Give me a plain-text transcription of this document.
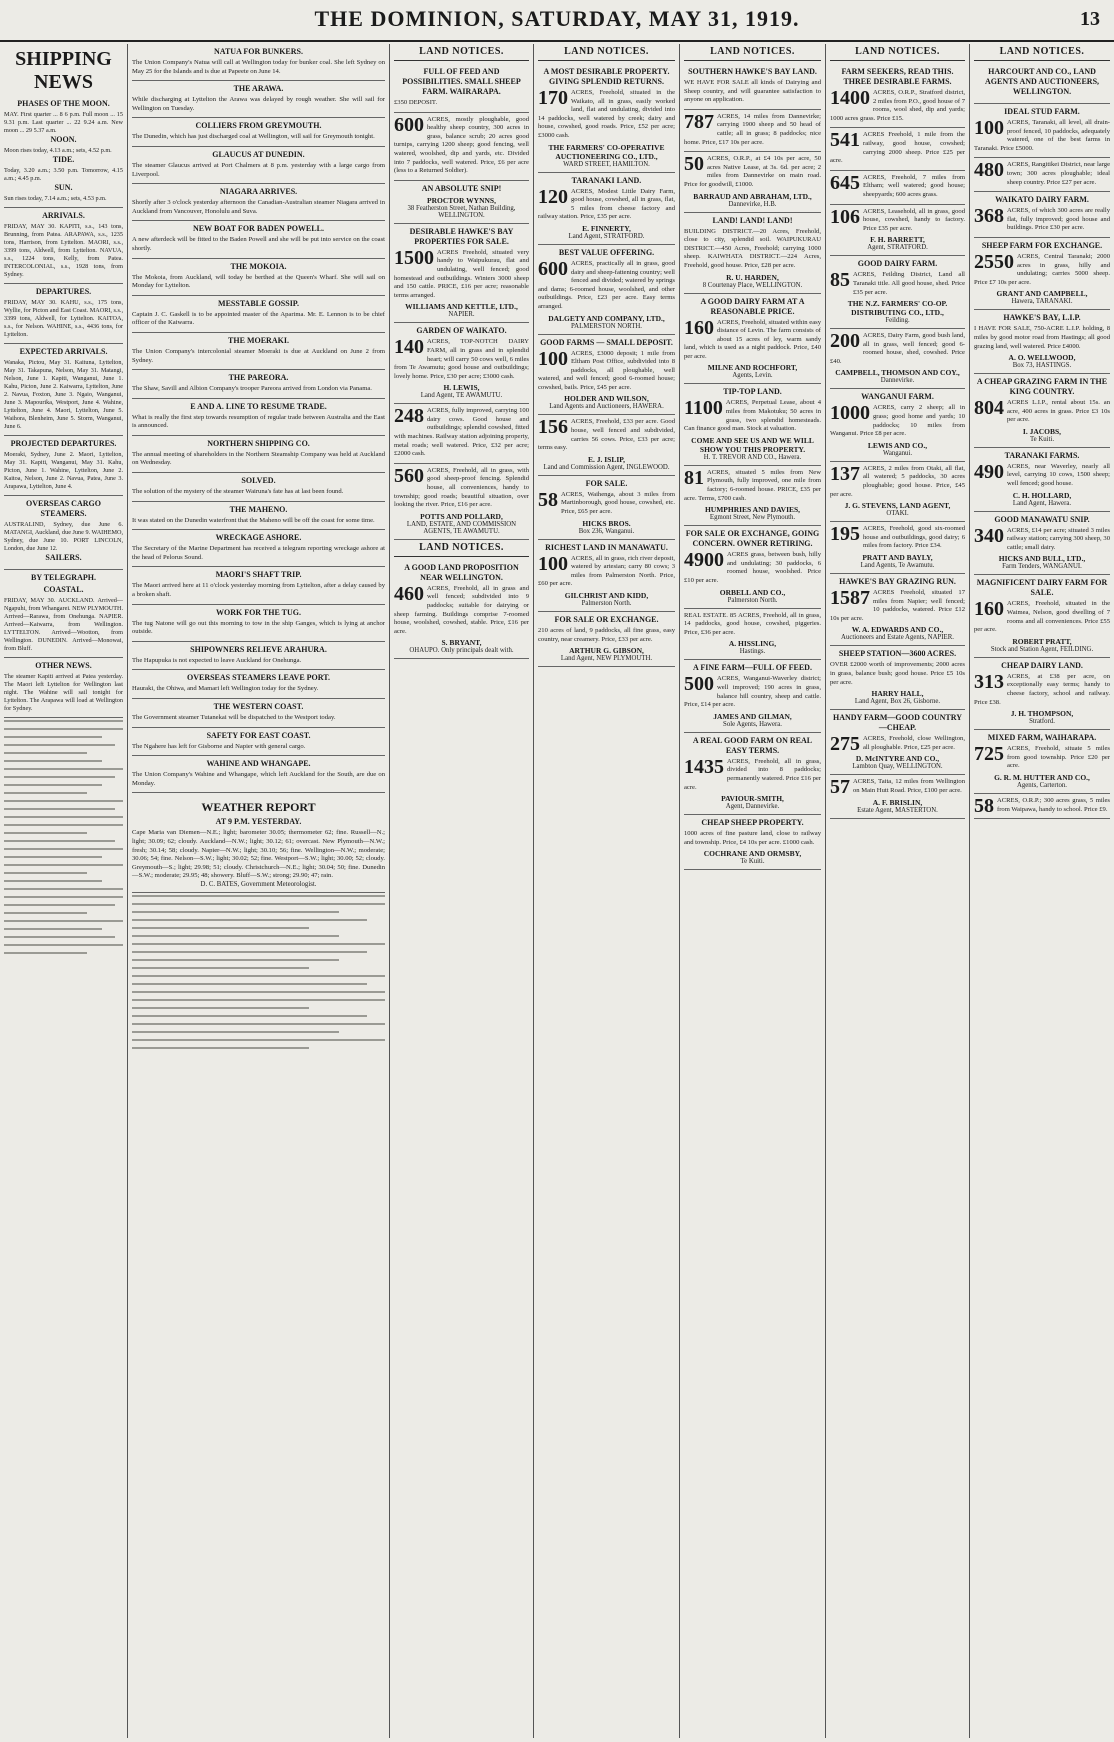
THE DOMINION, SATURDAY, MAY 31, 1919.	13
SHIPPING NEWS
PHASES OF THE MOON.

MAY. First quarter ... 8 6 p.m. Full moon ... 15 9.31 p.m. Last quarter ... 22 9.24 a.m. New moon ... 29 5.37 a.m.

NOON.

Moon rises today, 4.13 a.m.; sets, 4.52 p.m.

TIDE.

Today, 3.20 a.m.; 3.50 p.m. Tomorrow, 4.15 a.m.; 4.45 p.m.

SUN.

Sun rises today, 7.14 a.m.; sets, 4.53 p.m.

ARRIVALS.

FRIDAY, MAY 30. KAPITI, s.s., 143 tons, Brunning, from Patea. ARAPAWA, s.s., 1235 tons, Harrison, from Lyttelton. MAORI, s.s., 3399 tons, Aldwell, from Lyttelton. NAVUA, s.s., 1224 tons, Kelly, from Patea. INTERCOLONIAL, s.s., 1928 tons, from Sydney.

DEPARTURES.

FRIDAY, MAY 30. KAHU, s.s., 175 tons, Wyllie, for Picton and East Coast. MAORI, s.s., 3399 tons, Aldwell, for Lyttelton. KAITOA, s.s., for Nelson. WAHINE, s.s., 4436 tons, for Lyttelton.

EXPECTED ARRIVALS.

Wanaka, Pictou, May 31. Kaituna, Lyttelton, May 31. Takapuna, Nelson, May 31. Matangi, Nelson, June 1. Kapiti, Wanganui, June 1. Kahu, Picton, June 2. Kaiwarra, Lyttelton, June 2. Navua, Foxton, June 3. Ngaio, Wanganui, June 3. Mapourika, Westport, June 4. Wahine, Lyttelton, June 4. Maori, Lyttelton, June 5. Waihora, Blenheim, June 5. Storm, Wanganui, June 6.

PROJECTED DEPARTURES.

Moeraki, Sydney, June 2. Maori, Lyttelton, May 31. Kapiti, Wanganui, May 31. Kahu, Picton, June 1. Wahine, Lyttelton, June 2. Kaitoa, Nelson, June 2. Navua, Patea, June 3. Arapawa, Lyttelton, June 4.

OVERSEAS CARGO STEAMERS.

AUSTRALIND, Sydney, due June 6. MATANGI, Auckland, due June 9. WAIHEMO, Sydney, due June 10. PORT LINCOLN, London, due June 12.

SAILERS.
BY TELEGRAPH.
COASTAL.

FRIDAY, MAY 30. AUCKLAND. Arrived—Ngapuhi, from Whangarei. NEW PLYMOUTH. Arrived—Rarawa, from Onehunga. NAPIER. Arrived—Kaiwarra, from Wellington. LYTTELTON. Arrived—Wootton, from Wellington. DUNEDIN. Arrived—Monowai, from Bluff.

OTHER NEWS.

The steamer Kapiti arrived at Patea yesterday. The Maori left Lyttelton for Wellington last night. The Wahine will sail tonight for Lyttelton. The Arapawa will load at Wellington for Sydney.

NATUA FOR BUNKERS.

The Union Company's Natua will call at Wellington today for bunker coal. She left Sydney on May 25 for the Islands and is due at Papeete on June 14.

THE ARAWA.

While discharging at Lyttelton the Arawa was delayed by rough weather. She will sail for Wellington on Tuesday.

COLLIERS FROM GREYMOUTH.

The Dunedin, which has just discharged coal at Wellington, will sail for Greymouth tonight.

GLAUCUS AT DUNEDIN.

The steamer Glaucus arrived at Port Chalmers at 8 p.m. yesterday with a large cargo from Liverpool.

NIAGARA ARRIVES.

Shortly after 3 o'clock yesterday afternoon the Canadian-Australian steamer Niagara arrived in Auckland from Vancouver, Honolulu and Suva.

NEW BOAT FOR BADEN POWELL.

A new afterdeck will be fitted to the Baden Powell and she will be put into service on the coast shortly.

THE MOKOIA.

The Mokoia, from Auckland, will today be berthed at the Queen's Wharf. She will sail on Monday for Lyttelton.

MESSTABLE GOSSIP.

Captain J. C. Gaskell is to be appointed master of the Aparima. Mr. E. Lennon is to be chief officer of the Kaiwarra.

THE MOERAKI.

The Union Company's intercolonial steamer Moeraki is due at Auckland on June 2 from Sydney.

THE PAREORA.

The Shaw, Savill and Albion Company's trooper Pareora arrived from London via Panama.

E AND A. LINE TO RESUME TRADE.

What is really the first step towards resumption of regular trade between Australia and the East is announced.

NORTHERN SHIPPING CO.

The annual meeting of shareholders in the Northern Steamship Company was held at Auckland on Wednesday.

SOLVED.

The solution of the mystery of the steamer Wairuna's fate has at last been found.

THE MAHENO.

It was stated on the Dunedin waterfront that the Maheno will be off the coast for some time.

WRECKAGE ASHORE.

The Secretary of the Marine Department has received a telegram reporting wreckage ashore at the head of Pelorus Sound.

MAORI'S SHAFT TRIP.

The Maori arrived here at 11 o'clock yesterday morning from Lyttelton, after a delay caused by a broken shaft.

WORK FOR THE TUG.

The tug Natone will go out this morning to tow in the ship Ganges, which is lying at anchor outside.

SHIPOWNERS RELIEVE ARAHURA.

The Hapupuka is not expected to leave Auckland for Onehunga.

OVERSEAS STEAMERS LEAVE PORT.

Hauraki, the Ohiwa, and Mamari left Wellington today for the Sydney.

THE WESTERN COAST.

The Government steamer Tutanekai will be dispatched to the Westport today.

SAFETY FOR EAST COAST.

The Ngahere has left for Gisborne and Napier with general cargo.

WAHINE AND WHANGAPE.

The Union Company's Wahine and Whangape, which left Auckland for the South, are due on Monday.

WEATHER REPORT
AT 9 P.M. YESTERDAY.

Cape Maria van Diemen—N.E.; light; barometer 30.05; thermometer 62; fine. Russell—N.; light; 30.09; 62; cloudy. Auckland—N.W.; light; 30.12; 61; overcast. New Plymouth—N.W.; fresh; 30.14; 58; cloudy. Napier—N.W.; light; 30.10; 56; fine. Wellington—N.W.; moderate; 30.06; 54; fine. Nelson—S.W.; light; 30.02; 52; fine. Westport—S.W.; light; 30.00; 52; cloudy. Greymouth—S.; light; 29.98; 51; cloudy. Christchurch—N.E.; light; 30.04; 50; fine. Dunedin—S.W.; moderate; 29.95; 48; showery. Bluff—S.W.; strong; 29.90; 47; rain.

D. C. BATES, Government Meteorologist.
LAND NOTICES.
FULL OF FEED AND POSSIBILITIES. SMALL SHEEP FARM. WAIRARAPA.

£350 DEPOSIT.

600 ACRES, mostly ploughable, good healthy sheep country, 300 acres in grass, balance scrub; 20 acres good turnips, carrying 1200 sheep; good fencing, well watered, woolshed, dip and yards, etc. Divided into 7 paddocks, well watered. Price, £6 per acre (less to a Returned Soldier).

AN ABSOLUTE SNIP!
PROCTOR WYNNS,
38 Featherston Street, Nathan Building, WELLINGTON.
DESIRABLE HAWKE'S BAY PROPERTIES FOR SALE.
1500 ACRES Freehold, situated very handy to Waipukurau, flat and undulating, well fenced; good homestead and outbuildings. Winters 3000 sheep and 150 cattle. PRICE, £16 per acre; reasonable terms arranged.

WILLIAMS AND KETTLE, LTD.,
NAPIER.
GARDEN OF WAIKATO.
140 ACRES, TOP-NOTCH DAIRY FARM, all in grass and in splendid heart; will carry 50 cows well, 6 miles from Te Awamutu; good house and outbuildings; lovely home. Price, £30 per acre; £3000 cash.

H. LEWIS,
Land Agent, TE AWAMUTU.
248 ACRES, fully improved, carrying 100 dairy cows. Good house and outbuildings; splendid cowshed, fitted with machines. Railway station adjoining property, metal roads; well watered. Price, £32 per acre; £2000 cash.

560 ACRES, Freehold, all in grass, with good sheep-proof fencing. Splendid house, all conveniences, handy to township; good roads; beautiful situation, over looking the river. Price, £16 per acre.

POTTS AND POLLARD,
LAND, ESTATE, AND COMMISSION AGENTS, TE AWAMUTU.
LAND NOTICES.
A GOOD LAND PROPOSITION NEAR WELLINGTON.
460 ACRES, Freehold, all in grass and well fenced; subdivided into 9 paddocks; suitable for dairying or sheep farming. Buildings comprise 7-roomed house, woolshed, cowshed, stable. Price, £16 per acre.

S. BRYANT,
OHAUPO. Only principals dealt with.
LAND NOTICES.
A MOST DESIRABLE PROPERTY. GIVING SPLENDID RETURNS.
170 ACRES, Freehold, situated in the Waikato, all in grass, easily worked land, flat and undulating, divided into 14 paddocks, well watered by creek; dairy and house, cowshed, good roads. Price, £52 per acre; £3000 cash.

THE FARMERS' CO-OPERATIVE AUCTIONEERING CO., LTD.,
WARD STREET, HAMILTON.
TARANAKI LAND.
120 ACRES, Modest Little Dairy Farm, good house, cowshed, all in grass, flat, 5 miles from cheese factory and railway station. Price, £35 per acre.

E. FINNERTY,
Land Agent, STRATFORD.
BEST VALUE OFFERING.
600 ACRES, practically all in grass, good dairy and sheep-fattening country; well fenced and divided; watered by springs and dams; 6-roomed house, woolshed, and other outbuildings. Price, £23 per acre. Easy terms arranged.

DALGETY AND COMPANY, LTD.,
PALMERSTON NORTH.
GOOD FARMS — SMALL DEPOSIT.
100 ACRES, £3000 deposit; 1 mile from Eltham Post Office, subdivided into 8 paddocks, all ploughable, well watered, and well fenced; good 6-roomed house; cowshed, bails. Price, £45 per acre.

HOLDER AND WILSON,
Land Agents and Auctioneers, HAWERA.
156 ACRES, Freehold, £33 per acre. Good house, well fenced and subdivided, carries 56 cows. Price, £33 per acre; terms easy.

E. J. ISLIP,
Land and Commission Agent, INGLEWOOD.
FOR SALE.
58 ACRES, Waihenga, about 3 miles from Martinborough, good house, cowshed, etc. Price, £65 per acre.

HICKS BROS.
Box 236, Wanganui.
RICHEST LAND IN MANAWATU.
100 ACRES, all in grass, rich river deposit, watered by artesian; carry 80 cows; 3 miles from Palmerston North. Price, £60 per acre.

GILCHRIST AND KIDD,
Palmerston North.
FOR SALE OR EXCHANGE.

210 acres of land, 9 paddocks, all fine grass, easy country, near creamery. Price, £33 per acre.

ARTHUR G. GIBSON,
Land Agent, NEW PLYMOUTH.
LAND NOTICES.
SOUTHERN HAWKE'S BAY LAND.

WE HAVE FOR SALE all kinds of Dairying and Sheep country, and will guarantee satisfaction to anyone on application.

787 ACRES, 14 miles from Dannevirke; carrying 1900 sheep and 50 head of cattle; all in grass; 8 paddocks; nice home. Price, £17 10s per acre.

50 ACRES, O.R.P., at £4 10s per acre, 50 acres Native Lease, at 3s. 6d. per acre; 2 miles from Dannevirke on main road. Price for goodwill, £1000.

BARRAUD AND ABRAHAM, LTD.,
Dannevirke, H.B.
LAND! LAND! LAND!

BUILDING DISTRICT.—20 Acres, Freehold, close to city, splendid soil. WAIPUKURAU DISTRICT.—450 Acres, Freehold; carrying 1000 sheep. KAIWHATA DISTRICT.—224 Acres, Freehold, good house. Price, £28 per acre.

R. U. HARDEN,
8 Courtenay Place, WELLINGTON.
A GOOD DAIRY FARM AT A REASONABLE PRICE.
160 ACRES, Freehold, situated within easy distance of Levin. The farm consists of about 15 acres of ley, warm sandy land, which is used as a night paddock. Price, £40 per acre.

MILNE AND ROCHFORT,
Agents, Levin.
TIP-TOP LAND.
1100 ACRES, Perpetual Lease, about 4 miles from Makotuku; 50 acres in grass, two splendid homesteads. Can finance good man. Stock at valuation.

COME AND SEE US AND WE WILL SHOW YOU THIS PROPERTY.
H. T. TREVOR AND CO., Hawera.
81 ACRES, situated 5 miles from New Plymouth, fully improved, one mile from factory; 6-roomed house. PRICE, £35 per acre. Terms, £700 cash.

HUMPHRIES AND DAVIES,
Egmont Street, New Plymouth.
FOR SALE OR EXCHANGE, GOING CONCERN. OWNER RETIRING.
4900 ACRES grass, between bush, hilly and undulating; 30 paddocks, 6 roomed house, woolshed. Price £10 per acre.

ORBELL AND CO.,
Palmerston North.

REAL ESTATE. 85 ACRES, Freehold, all in grass, 14 paddocks, good house, cowshed, piggeries. Price, £36 per acre.

A. HISSLING,
Hastings.
A FINE FARM—FULL OF FEED.
500 ACRES, Wanganui-Waverley district; well improved; 190 acres in grass, balance hill country, sheep and cattle. Price, £14 per acre.

JAMES AND GILMAN,
Sole Agents, Hawera.
A REAL GOOD FARM ON REAL EASY TERMS.
1435 ACRES, Freehold, all in grass, divided into 8 paddocks; permanently watered. Price £16 per acre.

PAVIOUR-SMITH,
Agent, Dannevirke.
CHEAP SHEEP PROPERTY.

1000 acres of fine pasture land, close to railway and township. Price, £4 10s per acre. £1000 cash.

COCHRANE AND ORMSBY,
Te Kuiti.
LAND NOTICES.
FARM SEEKERS, READ THIS. THREE DESIRABLE FARMS.
1400 ACRES, O.R.P., Stratford district, 2 miles from P.O., good house of 7 rooms, wool shed, dip and yards; 1000 acres grass. Price £15.

541 ACRES Freehold, 1 mile from the railway, good house, cowshed; carrying 2000 sheep. Price £25 per acre.

645 ACRES, Freehold, 7 miles from Eltham; well watered; good house; sheepyards; 600 acres grass.

106 ACRES, Leasehold, all in grass, good house, cowshed, handy to factory. Price £35 per acre.

F. H. BARRETT,
Agent, STRATFORD.
GOOD DAIRY FARM.
85 ACRES, Feilding District, Land all Taranaki title. All good house, shed. Price £35 per acre.

THE N.Z. FARMERS' CO-OP. DISTRIBUTING CO., LTD.,
Feilding.
200 ACRES, Dairy Farm, good bush land, all in grass, well fenced; good 6-roomed house, shed, cowshed. Price £40.

CAMPBELL, THOMSON AND COY.,
Dannevirke.
WANGANUI FARM.
1000 ACRES, carry 2 sheep; all in grass; good home and yards; 10 paddocks; 10 miles from Wanganui. Price £8 per acre.

LEWIS AND CO.,
Wanganui.
137 ACRES, 2 miles from Otaki, all flat, all watered; 5 paddocks, 30 acres ploughable; good house. Price, £45 per acre.

J. G. STEVENS, LAND AGENT,
OTAKI.
195 ACRES, Freehold, good six-roomed house and outbuildings, good dairy; 6 miles from factory. Price £34.

PRATT AND BAYLY,
Land Agents, Te Awamutu.
HAWKE'S BAY GRAZING RUN.
1587 ACRES Freehold, situated 17 miles from Napier; well fenced; 10 paddocks, watered. Price £12 10s per acre.

W. A. EDWARDS AND CO.,
Auctioneers and Estate Agents, NAPIER.
SHEEP STATION—3600 ACRES.

OVER £2000 worth of improvements; 2000 acres in grass, balance bush; good house. Price £5 10s per acre.

HARRY HALL,
Land Agent, Box 26, Gisborne.
HANDY FARM—GOOD COUNTRY—CHEAP.
275 ACRES, Freehold, close Wellington, all ploughable. Price, £25 per acre.

D. McINTYRE AND CO.,
Lambton Quay, WELLINGTON.
57 ACRES, Taita, 12 miles from Wellington on Main Hutt Road. Price, £100 per acre.

A. F. BRISLIN,
Estate Agent, MASTERTON.
LAND NOTICES.
HARCOURT AND CO., LAND AGENTS AND AUCTIONEERS, WELLINGTON.
IDEAL STUD FARM.
100 ACRES, Taranaki, all level, all drain-proof fenced, 10 paddocks, adequately watered, one of the best farms in Taranaki. Price £5000.

480 ACRES, Rangitikei District, near large town; 300 acres ploughable; ideal sheep country. Price £27 per acre.

WAIKATO DAIRY FARM.
368 ACRES, of which 300 acres are really flat, fully improved; good house and buildings. Price £30 per acre.

SHEEP FARM FOR EXCHANGE.
2550 ACRES, Central Taranaki; 2000 acres in grass, hilly and undulating; carries 5000 sheep. Price £7 10s per acre.

GRANT AND CAMPBELL,
Hawera, TARANAKI.
HAWKE'S BAY, L.I.P.

I HAVE FOR SALE, 750-ACRE L.I.P. holding, 8 miles by good motor road from Hastings; all good grazing land, well watered. Price £4000.

A. O. WELLWOOD,
Box 73, HASTINGS.
A CHEAP GRAZING FARM IN THE KING COUNTRY.
804 ACRES L.I.P., rental about 15s. an acre, 400 acres in grass. Price £3 10s per acre.

I. JACOBS,
Te Kuiti.
TARANAKI FARMS.
490 ACRES, near Waverley, nearly all level, carrying 10 cows, 1500 sheep; well fenced; good house.

C. H. HOLLARD,
Land Agent, Hawera.
GOOD MANAWATU SNIP.
340 ACRES, £14 per acre; situated 3 miles railway station; carrying 300 sheep, 30 cattle; small dairy.

HICKS AND BULL, LTD.,
Farm Tenders, WANGANUI.
MAGNIFICENT DAIRY FARM FOR SALE.
160 ACRES, Freehold, situated in the Waimea, Nelson, good dwelling of 7 rooms and all conveniences. Price £55 per acre.

ROBERT PRATT,
Stock and Station Agent, FEILDING.
CHEAP DAIRY LAND.
313 ACRES, at £38 per acre, on exceptionally easy terms; handy to cheese factory, school and railway. Price £38.

J. H. THOMPSON,
Stratford.
MIXED FARM, WAIHARAPA.
725 ACRES, Freehold, situate 5 miles from good township. Price £20 per acre.

G. R. M. HUTTER AND CO.,
Agents, Carterton.
58 ACRES, O.R.P.; 300 acres grass, 5 miles from Waipawa, handy to school. Price £9.
